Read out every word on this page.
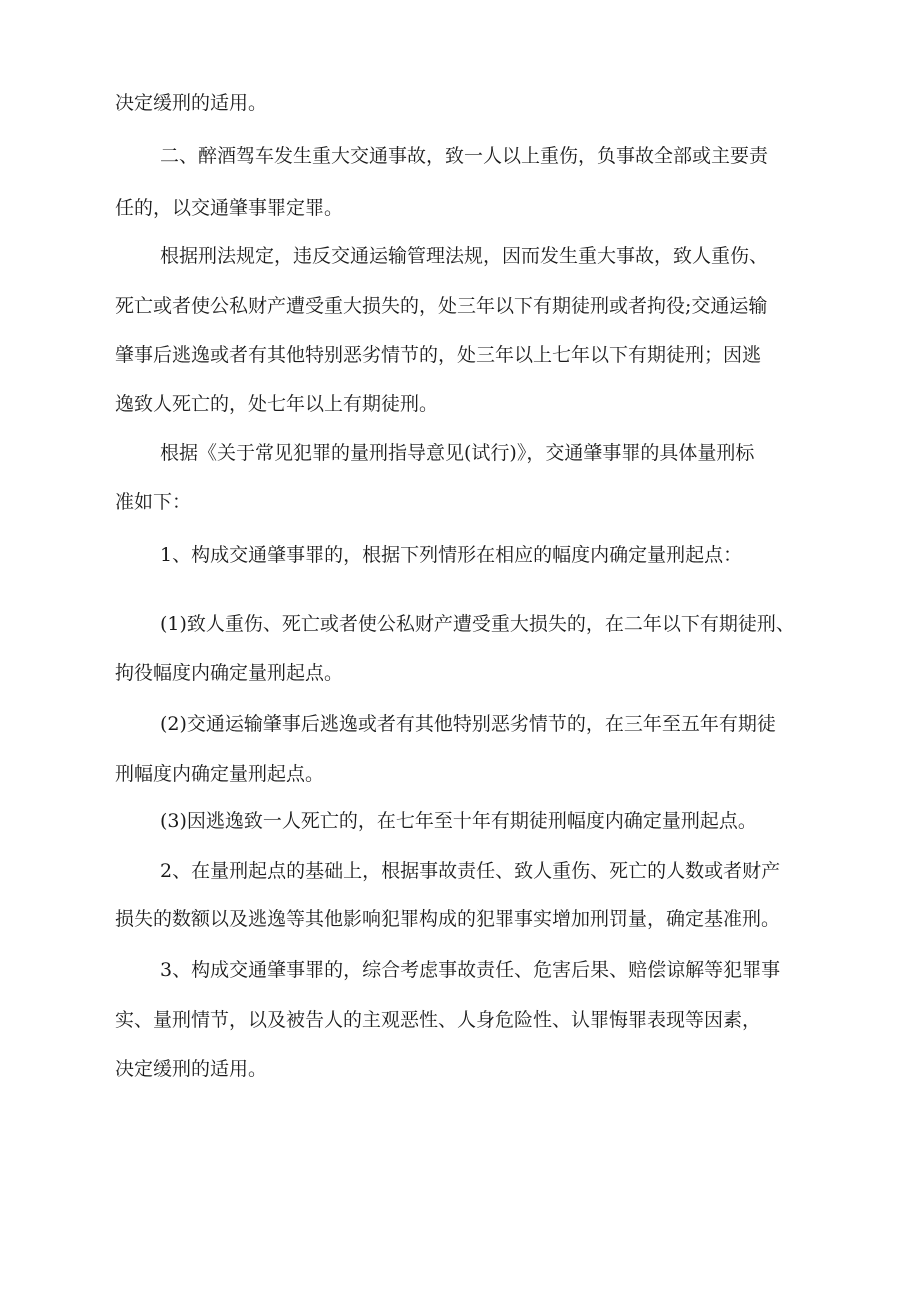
决定缓刑的适用。

二、醉酒驾车发生重大交通事故，致一人以上重伤，负事故全部或主要责

任的，以交通肇事罪定罪。

根据刑法规定，违反交通运输管理法规，因而发生重大事故，致人重伤、

死亡或者使公私财产遭受重大损失的，处三年以下有期徒刑或者拘役;交通运输

肇事后逃逸或者有其他特别恶劣情节的，处三年以上七年以下有期徒刑；因逃

逸致人死亡的，处七年以上有期徒刑。

根据《关于常见犯罪的量刑指导意见(试行)》，交通肇事罪的具体量刑标

准如下：

1、构成交通肇事罪的，根据下列情形在相应的幅度内确定量刑起点：

(1)致人重伤、死亡或者使公私财产遭受重大损失的，在二年以下有期徒刑、

拘役幅度内确定量刑起点。

(2)交通运输肇事后逃逸或者有其他特别恶劣情节的，在三年至五年有期徒

刑幅度内确定量刑起点。

(3)因逃逸致一人死亡的，在七年至十年有期徒刑幅度内确定量刑起点。

2、在量刑起点的基础上，根据事故责任、致人重伤、死亡的人数或者财产

损失的数额以及逃逸等其他影响犯罪构成的犯罪事实增加刑罚量，确定基准刑。

3、构成交通肇事罪的，综合考虑事故责任、危害后果、赔偿谅解等犯罪事

实、量刑情节，以及被告人的主观恶性、人身危险性、认罪悔罪表现等因素，

决定缓刑的适用。
